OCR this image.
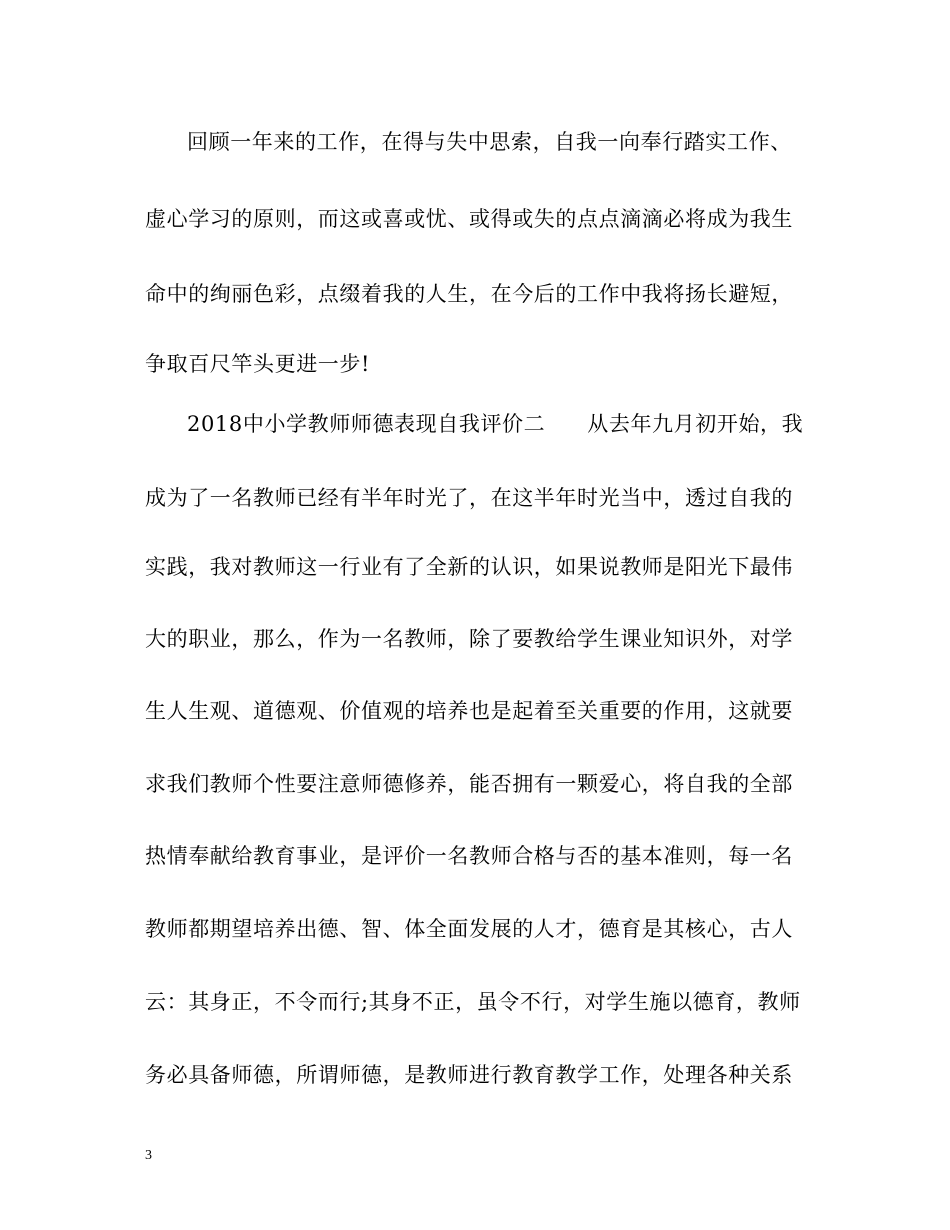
回顾一年来的工作，在得与失中思索，自我一向奉行踏实工作、
虚心学习的原则，而这或喜或忧、或得或失的点点滴滴必将成为我生
命中的绚丽色彩，点缀着我的人生，在今后的工作中我将扬长避短，
争取百尺竿头更进一步!
2018中小学教师师德表现自我评价二 从去年九月初开始，我
成为了一名教师已经有半年时光了，在这半年时光当中，透过自我的
实践，我对教师这一行业有了全新的认识，如果说教师是阳光下最伟
大的职业，那么，作为一名教师，除了要教给学生课业知识外，对学
生人生观、道德观、价值观的培养也是起着至关重要的作用，这就要
求我们教师个性要注意师德修养，能否拥有一颗爱心，将自我的全部
热情奉献给教育事业，是评价一名教师合格与否的基本准则，每一名
教师都期望培养出德、智、体全面发展的人才，德育是其核心，古人
云：其身正，不令而行;其身不正，虽令不行，对学生施以德育，教师
务必具备师德，所谓师德，是教师进行教育教学工作，处理各种关系
3
